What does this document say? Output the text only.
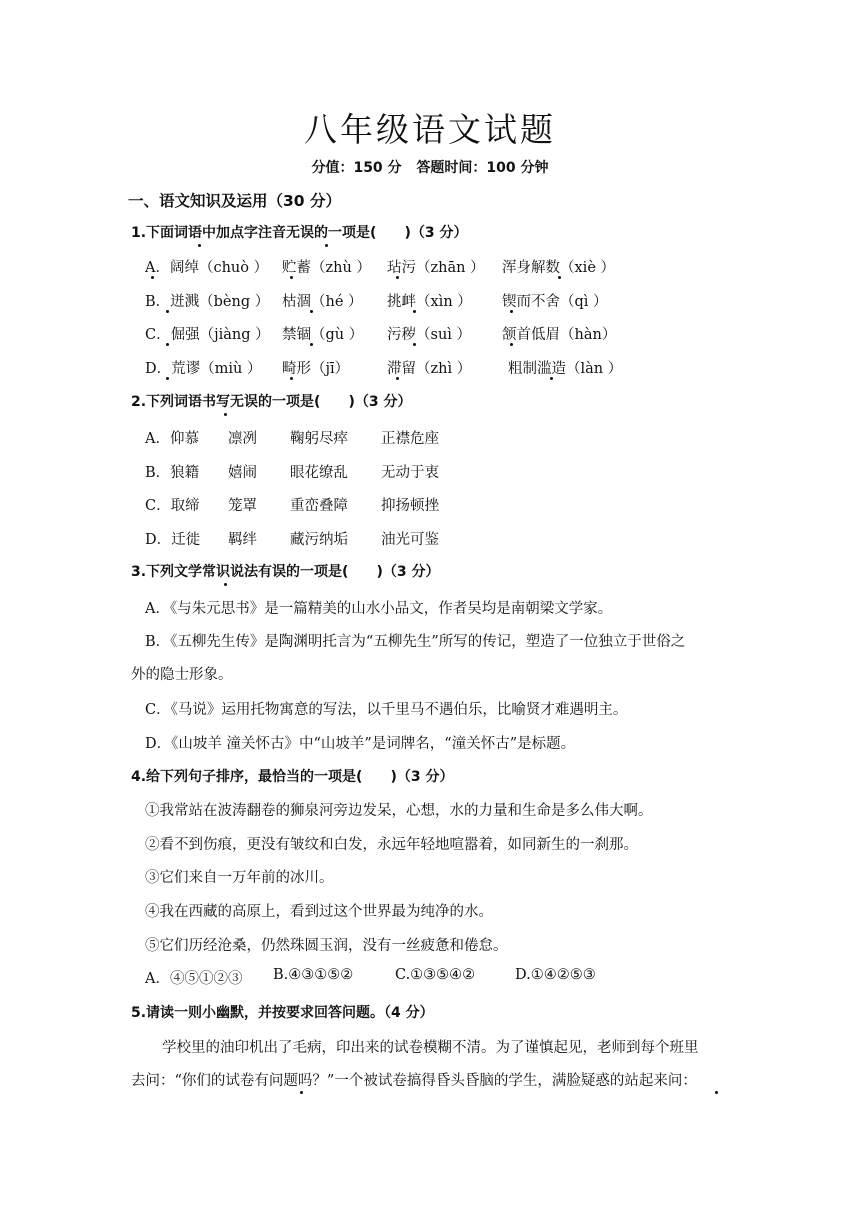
八年级语文试题
分值：150 分 答题时间：100 分钟
一、语文知识及运用（30 分）
1.下面词语中加点字注音无误的一项是(　　)（3 分）
A．阔绰（chuò ） 贮蓄（zhù ） 玷污（zhān ） 浑身解数（xiè ）
B．迸溅（bèng ） 枯涸（hé ） 挑衅（xìn ） 锲而不舍（qì ）
C．倔强（jiàng ） 禁锢（gù ） 污秽（suì ） 颔首低眉（hàn）
D．荒谬（miù ） 畸形（jī）	滞留（zhì ）	粗制滥造（làn ）
2.下列词语书写无误的一项是(　　)（3 分）
A．仰慕 凛冽 鞠躬尽瘁 正襟危座
B．狼籍 嬉闹 眼花缭乱 无动于衷
C．取缔 笼罩 重峦叠障 抑扬顿挫
D．迁徙 羁绊 藏污纳垢 油光可鉴
3.下列文学常识说法有误的一项是(　　)（3 分）
A．《与朱元思书》是一篇精美的山水小品文，作者吴均是南朝梁文学家。
B．《五柳先生传》是陶渊明托言为“五柳先生”所写的传记，塑造了一位独立于世俗之
外的隐士形象。
C．《马说》运用托物寓意的写法，以千里马不遇伯乐，比喻贤才难遇明主。
D．《山坡羊 潼关怀古》中“山坡羊”是词牌名，“潼关怀古”是标题。
4.给下列句子排序，最恰当的一项是(　　)（3 分）
①我常站在波涛翻卷的狮泉河旁边发呆，心想，水的力量和生命是多么伟大啊。
②看不到伤痕，更没有皱纹和白发，永远年轻地喧嚣着，如同新生的一刹那。
③它们来自一万年前的冰川。
④我在西藏的高原上，看到过这个世界最为纯净的水。
⑤它们历经沧桑，仍然珠圆玉润，没有一丝疲惫和倦怠。
A．④⑤①②③ B.④③①⑤②	C.①③⑤④②	D.①④②⑤③
5.请读一则小幽默，并按要求回答问题。（4 分）
学校里的油印机出了毛病，印出来的试卷模糊不清。为了谨慎起见，老师到每个班里
去问：“你们的试卷有问题吗？”一个被试卷搞得昏头昏脑的学生，满脸疑惑的站起来问：
